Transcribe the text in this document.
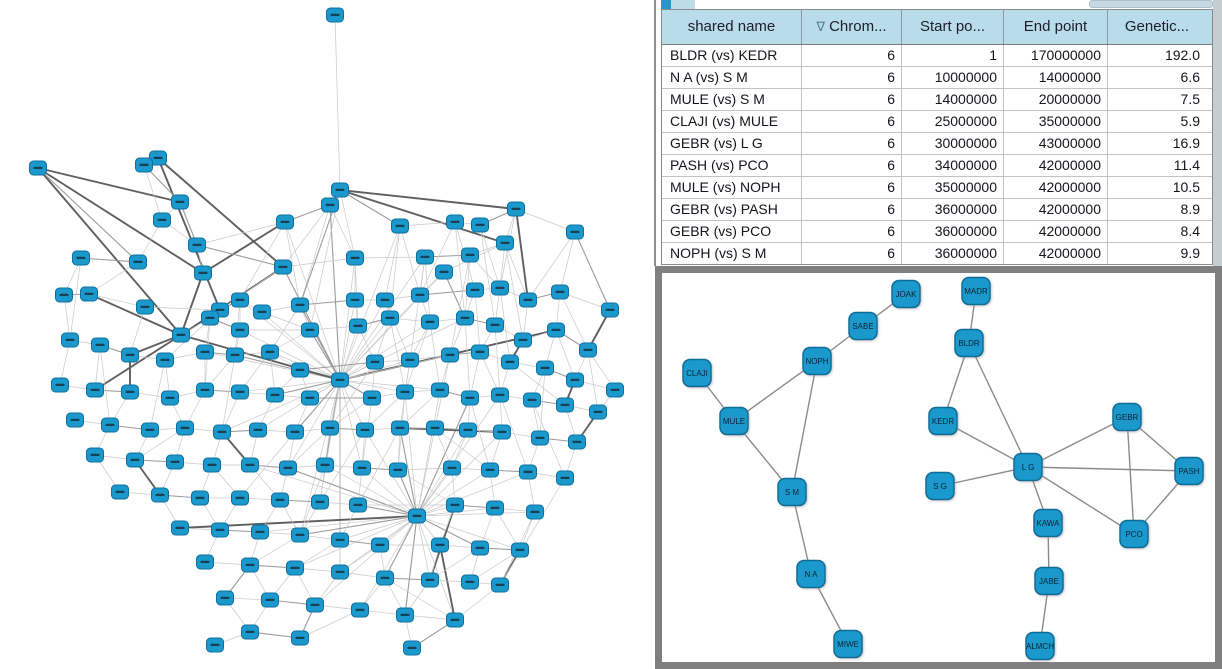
shared name	∇ Chrom...	Start po...	End point	Genetic...
BLDR (vs) KEDR	6	1	170000000	192.0
N A (vs) S M	6	10000000	14000000	6.6
MULE (vs) S M	6	14000000	20000000	7.5
CLAJI (vs) MULE	6	25000000	35000000	5.9
GEBR (vs) L G	6	30000000	43000000	16.9
PASH (vs) PCO	6	34000000	42000000	11.4
MULE (vs) NOPH	6	35000000	42000000	10.5
GEBR (vs) PASH	6	36000000	42000000	8.9
GEBR (vs) PCO	6	36000000	42000000	8.4
NOPH (vs) S M	6	36000000	42000000	9.9
JOAK
SABE
NOPH
CLAJI
MULE
S M
N A
MIWE
MADR
BLDR
KEDR
S G
L G
KAWA
JABE
ALMCH
GEBR
PASH
PCO
